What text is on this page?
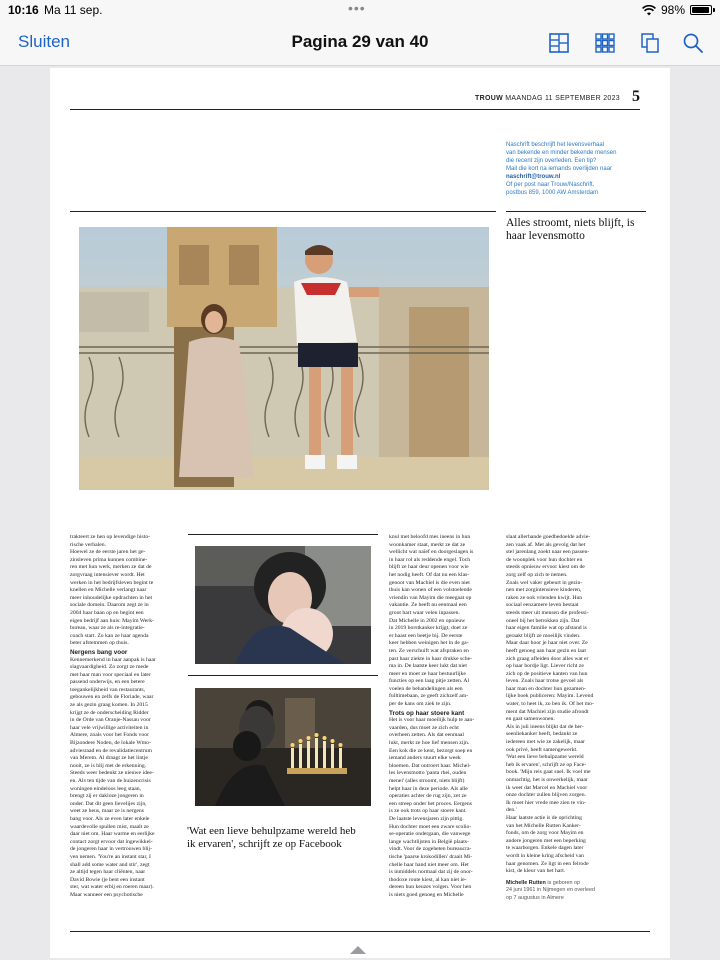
10:16 Ma 11 sep.	•••	98%
Sluiten	Pagina 29 van 40
TROUW MAANDAG 11 SEPTEMBER 2023 5
Naschrift beschrijft het levensverhaal
van bekende en minder bekende mensen
die recent zijn overleden. Een tip?
Mail die kort na iemands overlijden naar
naschrift@trouw.nl
Of per post naar Trouw/Naschrift,
postbus 859, 1000 AW Amsterdam
Alles stroomt, niets blijft, is haar levensmotto
'Wat een lieve behulpzame wereld heb ik ervaren', schrijft ze op Facebook
trakteert ze hen op levendige histo-
rische verhalen.
Hoewel ze de eerste jaren het ge-
zinsleven prima kunnen combine-
ren met hun werk, merken ze dat de
zorgvraag intensiever wordt. Het
werken in het bedrijfsleven begint te
knellen en Michelle verlangt naar
meer inhoudelijke opdrachten in het
sociale domein. Daarom zegt ze in
2004 haar baan op en begint een
eigen bedrijf aan huis: Mayim Werk-
bureau, waar ze als re-integratie-
coach start. Zo kan ze haar agenda
beter afstemmen op thuis.
Nergens bang voor
Kennemerkend in haar aanpak is haar
slagvaardigheid. Zo zorgt ze mede
met haar man voor speciaal en later
passend onderwijs, en een betere
toegankelijkheid van restaurants,
gebouwen en zelfs de Floriade, waar
ze als gezin graag komen. In 2015
krijgt ze de onderscheiding Ridder
in de Orde van Oranje-Nassau voor
haar vele vrijwillige activiteiten in
Almere, zoals voor het Fonds voor
Bijzondere Noden, de lokale Wmo-
adviesraad en de revalidatiecentrum
van Merem. Al draagt ze het lintje
nooit, ze is blij met de erkenning.
Steeds weer bedenkt ze nieuwe idee-
en. Als ten tijde van de huizencrisis
woningen eindeloos leeg staan,
brengt zij er dakloze jongeren in
onder. Dat dit geen lievelijes zijn,
weet ze heus, maar ze is nergens
bang voor. Als ze even later enkele
waardevolle spullen mist, maalt ze
daar niet om. Haar warme en eerlijke
contact zorgt ervoor dat ingewikkel-
de jongeren haar in vertrouwen blij-
ven nemen. 'You're an instant star, I
shall add some water and stir', zegt
ze altijd tegen haar cliënten, naar
David Bowie (je bent een instant
ster, wat water erbij en roeren maar).
Maar wanneer een psychotische
knul met beloofd mes ineens in hun
woonkamer staat, merkt ze dat ze
wellicht wat naïef en doorgeslagen is
in haar rol als reddende engel. Toch
blijft ze haar deur openen voor wie
het nodig heeft. Of dat nu een klas-
genoot van Machiel is die even niet
thuis kan wonen of een volstoelende
vriendin van Mayim die meegaat op
vakantie. Ze heeft nu eenmaal een
groot hart waar velen inpassen.
Dat Michelle in 2002 en opnieuw
in 2019 borstkanker krijgt, doet ze
er haast een beetje bij. De eerste
keer hebben weinigen het in de ga-
ten. Ze verschuift wat afspraken en
past haar ziekte in haar drukke sche-
ma in. De laatste keer lukt dat niet
meer en moet ze haar bestuurlijke
functies op een laag pitje zetten. Al
voelen de behandelingen als een
fulltimebaan, ze geeft zichzelf am-
per de kans om ziek te zijn.
Trots op haar stoere kant
Het is voor haar moeilijk hulp te aan-
vaarden, dus moet ze zich echt
overheen zetten. Als dat eenmaal
lukt, merkt ze hoe lief mensen zijn.
Een kok die ze kent, bezorgt soep en
iemand anders stuurt elke week
bloemen. Dat ontroert haar. Michel-
les levensmotto 'panta rhei, ouden
menei' (alles stroomt, niets blijft)
helpt haar in deze periode. Als alle
operaties achter de rug zijn, zet ze
een streep onder het proces. Eergens
is ze ook trots op haar stoere kant.
De laatste levensjaren zijn pittig.
Hun dochter moet een zware scolio-
se-operatie ondergaan, die vanwege
lange wachtlijsten in België plaats-
vindt. Voor de zogeheten bureaucra-
tische 'paarse krokodillen' draait Mi-
chelle haar hand niet meer om. Het
is inmiddels normaal dat zij de onor-
thodoxe route kiest, al kan niet ie-
dereen hun keuzes volgen. Voor hen
is niets goed genoeg en Michelle
slaat allerhande goedbedoelde advie-
zen vaak af. Met als gevolg dat het
stel jarenlang zoekt naar een passen-
de woonplek voor hun dochter en
steeds opnieuw ervoor kiest om de
zorg zelf op zich te nemen.
Zoals wel vaker gebeurt in gezin-
nen met zorgintensieve kinderen,
raken ze ook vrienden kwijt. Hun
sociaal eenzamere leven bestaat
steeds meer uit mensen die professi-
oneel bij het betrokken zijn. Dat
haar eigen familie wat op afstand is
geraakt blijft ze moeilijk vinden.
Maar daar hoor je haar niet over. Ze
heeft genoeg aan haar gezin en laat
zich graag afleiden door alles wat er
op haar bordje ligt. Liever richt ze
zich op de positieve kanten van hun
leven. Zoals haar trotse gevoel als
haar man en dochter hun gezamen-
lijke boek publiceren: Mayim. Levend
water, to heet ik, zo ben ik. Of het mo-
ment dat Machiel zijn studie afrondt
en gaat samenwonen.
Als in juli ineens blijkt dat de her-
seenliekanker heeft, bedankt ze
iedereen met wie ze zakelijk, maar
ook privé, heeft samengewerkt.
'Wat een lieve behulpzame wereld
heb ik ervaren', schrijft ze op Face-
book. 'Mijn reis gaat snel. Ik voel me
onmachtig, het is onwerkelijk, maar
ik weet dat Marcel en Machiel voor
onze dochter zullen blijven zorgen.
Ik moet hier vrede mee zien te vin-
den.'
Haar laatste actie is de oprichting
van het Michelle Rutten Kanker-
fonds, om de zorg voor Mayim en
andere jongeren met een beperking
te waarborgen. Enkele dagen later
wordt in kleine kring afscheid van
haar genomen. Ze ligt in een felrode
kist, de kleur van het hart.
Michelle Rutten is geboren op
24 juni 1961 in Nijmegen en overleed
op 7 augustus in Almere
